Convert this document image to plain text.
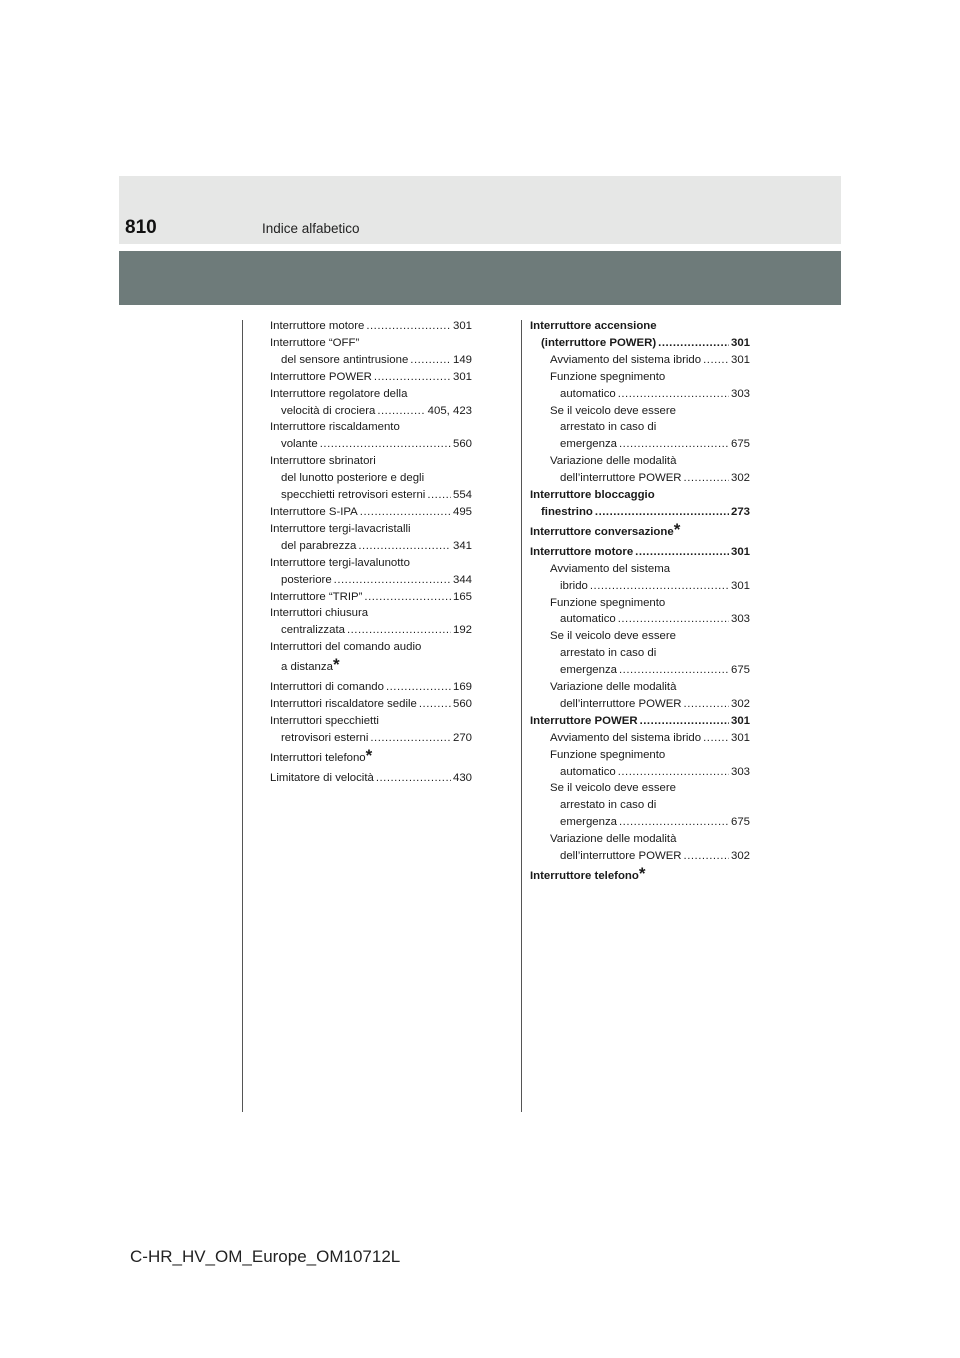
810	Indice alfabetico
Interruttore motore .....	301
Interruttore “OFF”
del sensore antintrusione .....	149
Interruttore POWER .....	301
Interruttore regolatore della
velocità di crociera .....	405, 423
Interruttore riscaldamento
volante .....	560
Interruttore sbrinatori
del lunotto posteriore e degli
specchietti retrovisori esterni ..... 554
Interruttore S-IPA .....	495
Interruttore tergi-lavacristalli
del parabrezza .....	341
Interruttore tergi-lavalunotto
posteriore .....	344
Interruttore “TRIP” .....	165
Interruttori chiusura
centralizzata .....	192
Interruttori del comando audio
a distanza *
Interruttori di comando .....	169
Interruttori riscaldatore sedile .....	560
Interruttori specchietti
retrovisori esterni .....	270
Interruttori telefono *
Limitatore di velocità .....	430
Interruttore accensione
(interruttore POWER) .....	301
Avviamento del sistema ibrido .....	301
Funzione spegnimento
automatico .....	303
Se il veicolo deve essere
arrestato in caso di
emergenza .....	675
Variazione delle modalità
dell’interruttore POWER .....	302
Interruttore bloccaggio
finestrino .....	273
Interruttore conversazione *
Interruttore motore .....	301
Avviamento del sistema
ibrido .....	301
Funzione spegnimento
automatico .....	303
Se il veicolo deve essere
arrestato in caso di
emergenza .....	675
Variazione delle modalità
dell’interruttore POWER .....	302
Interruttore POWER .....	301
Avviamento del sistema ibrido .....	301
Funzione spegnimento
automatico .....	303
Se il veicolo deve essere
arrestato in caso di
emergenza .....	675
Variazione delle modalità
dell’interruttore POWER .....	302
Interruttore telefono *
C-HR_HV_OM_Europe_OM10712L
